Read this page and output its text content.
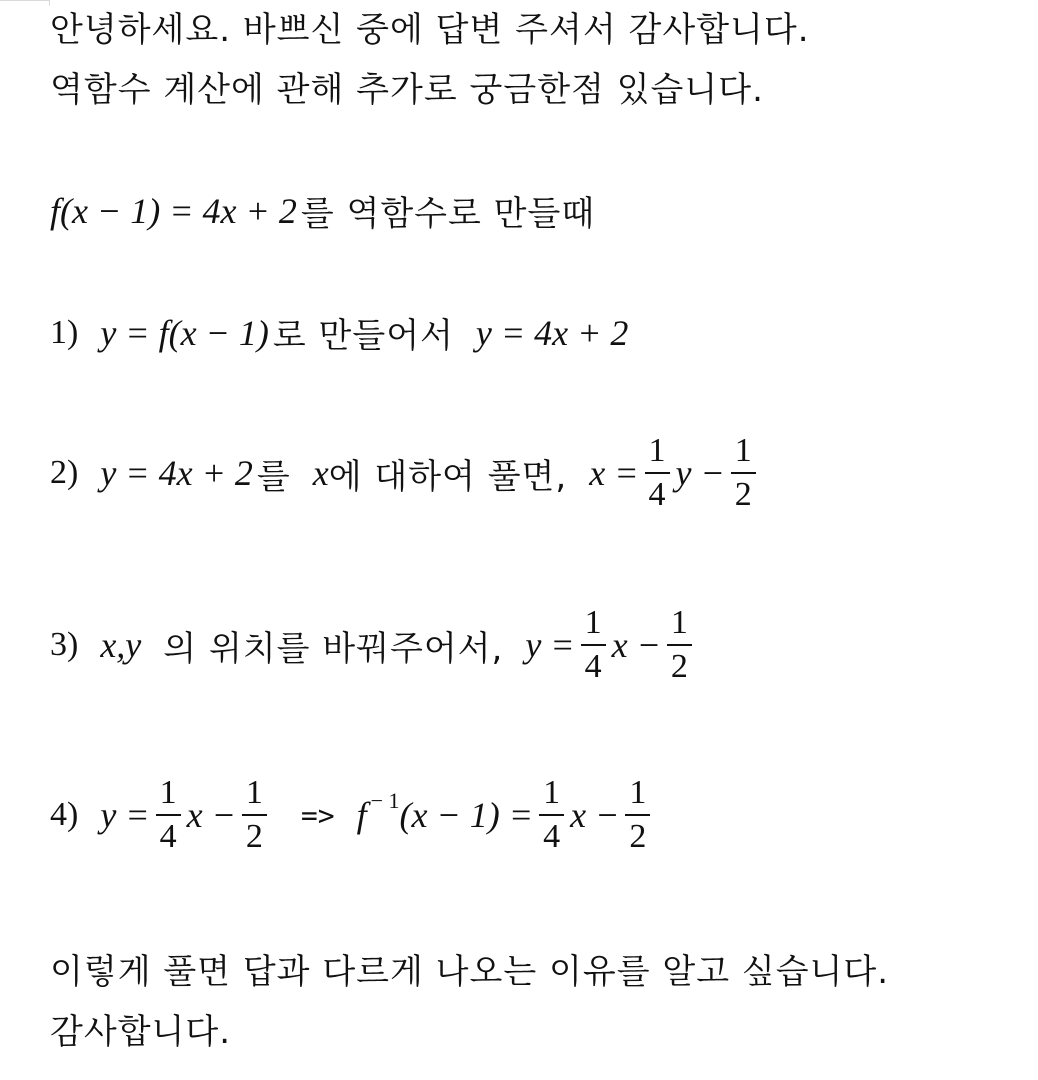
안녕하세요. 바쁘신 중에 답변 주셔서 감사합니다.
역함수 계산에 관해 추가로 궁금한점 있습니다.
f(x − 1) = 4x + 2 를 역함수로 만들때
1) y = f(x − 1) 로 만들어서 y = 4x + 2
2) y = 4x + 2 를 x 에 대하여 풀면, $x = \frac{1}{4}$ $y - \frac{1}{2}$
3) x,y 의 위치를 바꿔주어서, $y = \frac{1}{4}$ $x - \frac{1}{2}$
4) $y = \frac{1}{4}$ $x - \frac{1}{2} => f - 1$ $(x - 1) = \frac{1}{4}$ $x - \frac{1}{2}$
이렇게 풀면 답과 다르게 나오는 이유를 알고 싶습니다.
감사합니다.
